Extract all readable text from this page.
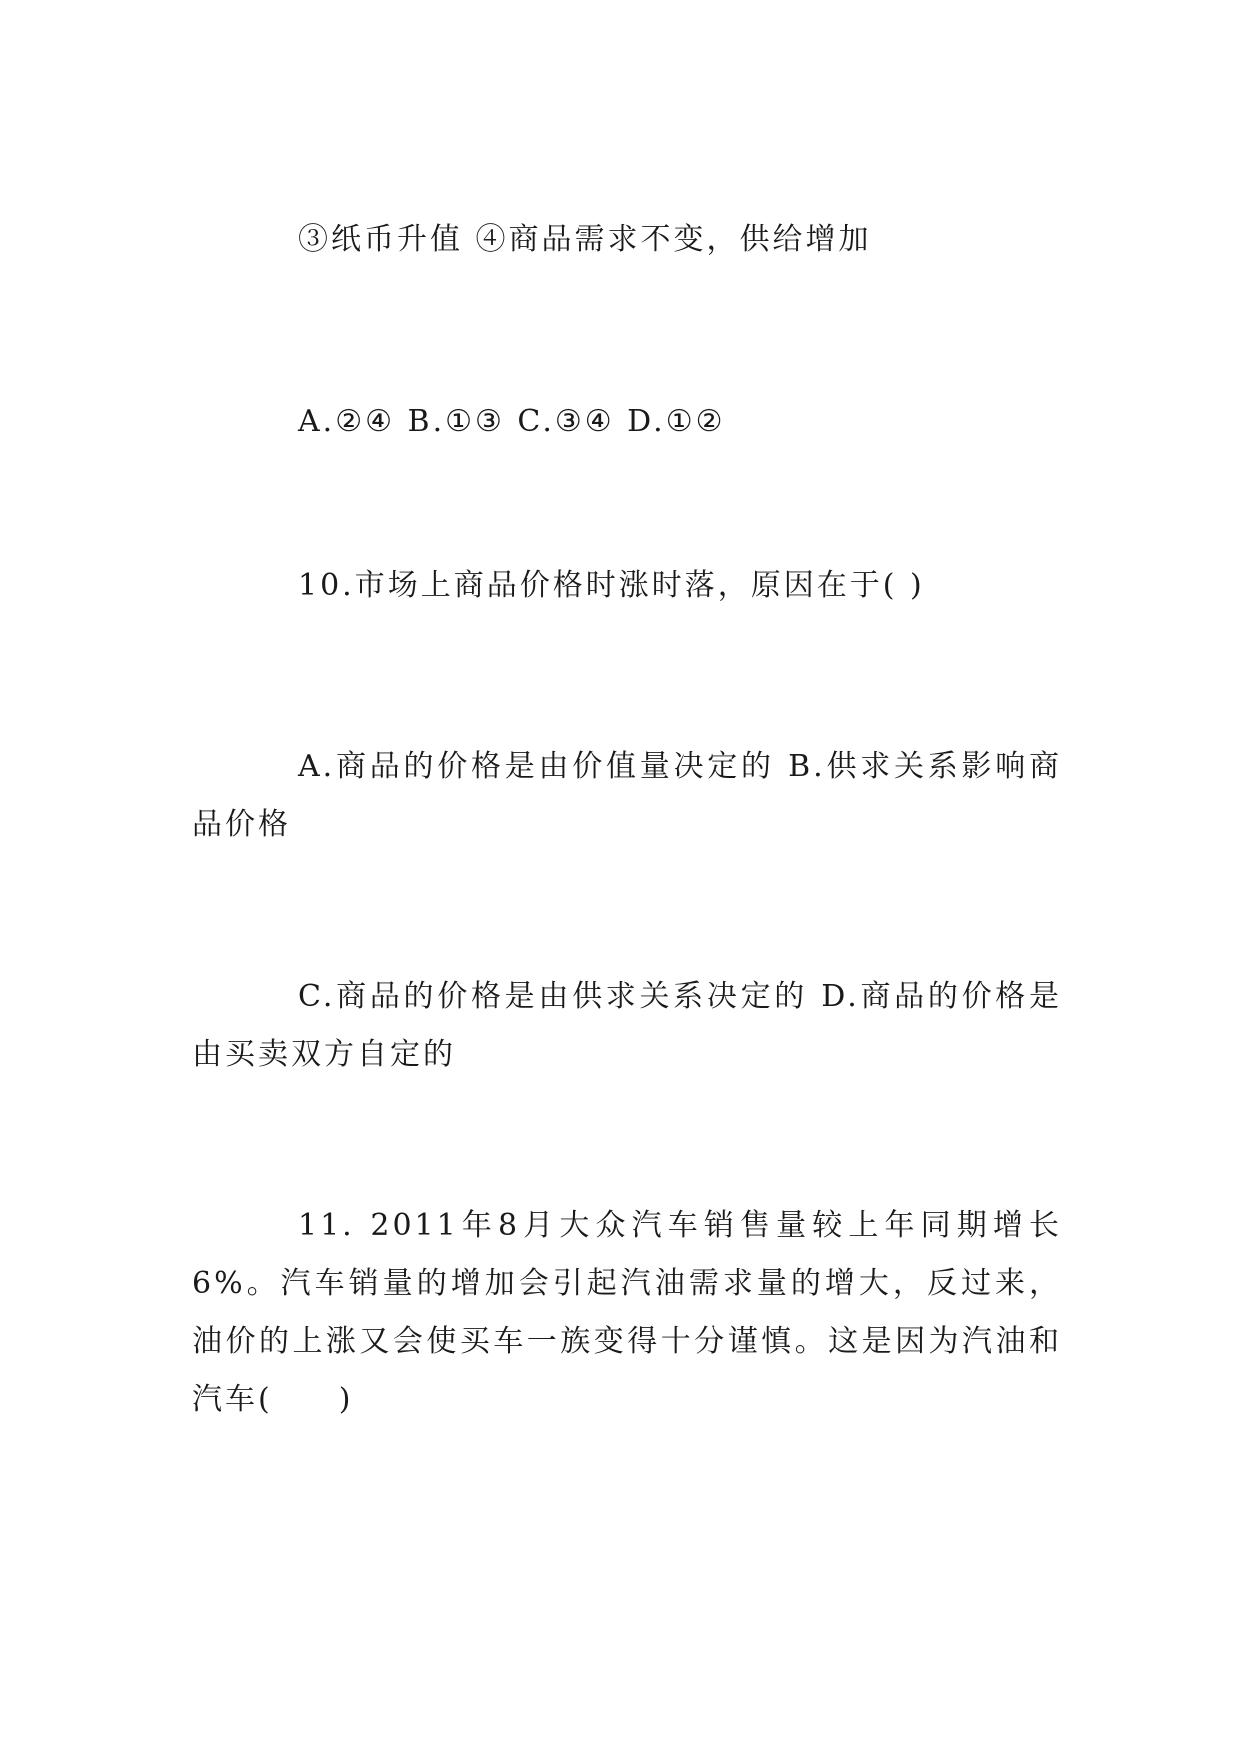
③纸币升值 ④商品需求不变，供给增加
A.②④ B.①③ C.③④ D.①②
10.市场上商品价格时涨时落，原因在于( )
A.商品的价格是由价值量决定的 B.供求关系影响商品价格
C.商品的价格是由供求关系决定的 D.商品的价格是由买卖双方自定的
11. 2011年8月大众汽车销售量较上年同期增长6%。汽车销量的增加会引起汽油需求量的增大，反过来，油价的上涨又会使买车一族变得十分谨慎。这是因为汽油和汽车(　　)
